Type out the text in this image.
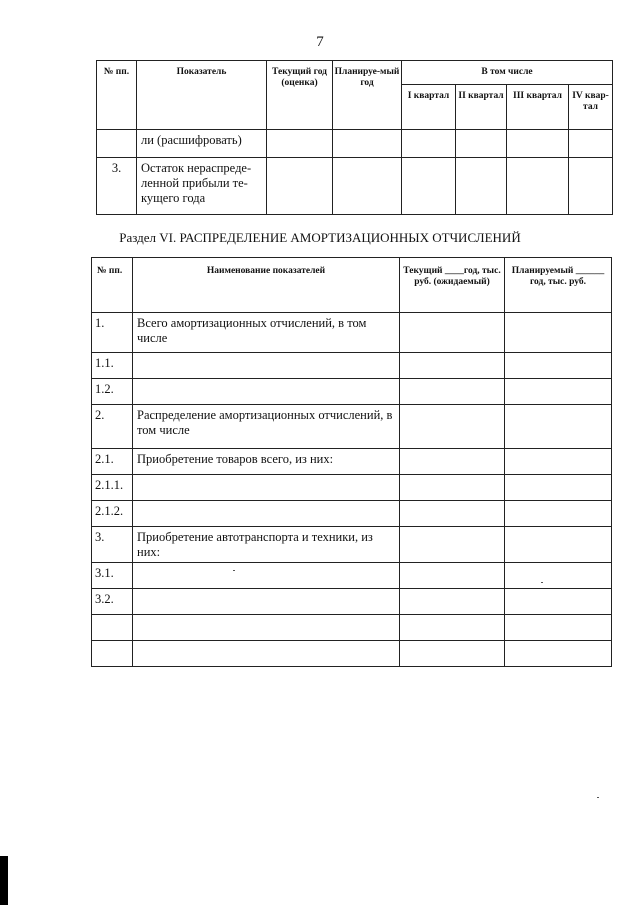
7
№ пп.	Показатель	Текущий год (оценка)	Планируе-мый год	В том числе			
				I квартал	II квартал	III квартал	IV квар-тал
	ли (расшифровать)						
3.	Остаток нераспреде-ленной прибыли те-кущего года						
Раздел VI. РАСПРЕДЕЛЕНИЕ АМОРТИЗАЦИОННЫХ ОТЧИСЛЕНИЙ
№ пп.	Наименование показателей	Текущий ____год, тыс. руб. (ожидаемый)	Планируемый ______ год, тыс. руб.
1.	Всего амортизационных отчислений, в том числе		
1.1.			
1.2.			
2.	Распределение амортизационных отчислений, в том числе		
2.1.	Приобретение товаров всего, из них:		
2.1.1.			
2.1.2.			
3.	Приобретение автотранспорта и техники, из них:		
3.1.			
3.2.			
